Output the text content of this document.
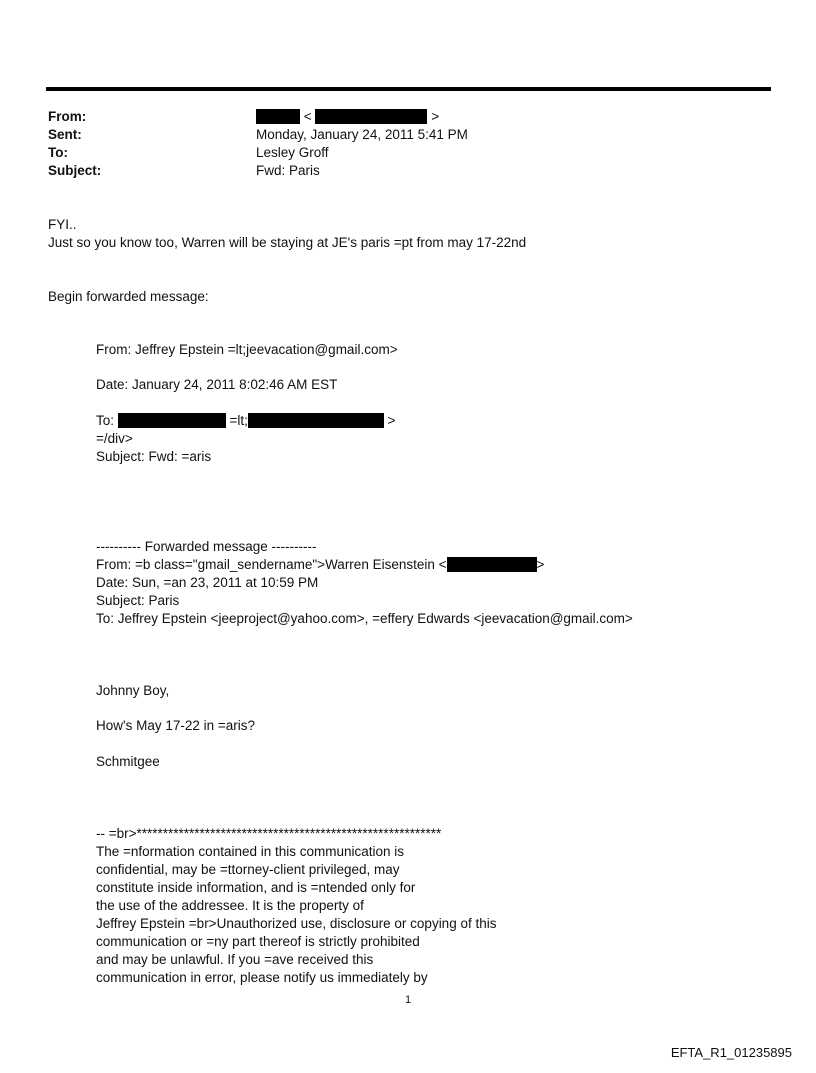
From:	<	>
Sent:	Monday, January 24, 2011 5:41 PM
To:	Lesley Groff
Subject:	Fwd: Paris
FYI..
Just so you know too, Warren will be staying at JE's paris =pt from may 17-22nd
Begin forwarded message:
From: Jeffrey Epstein =lt;jeevacation@gmail.com>
Date: January 24, 2011 8:02:46 AM EST
To:	=lt;	>
=/div>
Subject: Fwd: =aris
---------- Forwarded message ----------
From: =b class="gmail_sendername">Warren Eisenstein <	>
Date: Sun, =an 23, 2011 at 10:59 PM
Subject: Paris
To: Jeffrey Epstein <jeeproject@yahoo.com>, =effery Edwards <jeevacation@gmail.com>
Johnny Boy,
How's May 17-22 in =aris?
Schmitgee
-- =br>**********************************************************
The =nformation contained in this communication is
confidential, may be =ttorney-client privileged, may
constitute inside information, and is =ntended only for
the use of the addressee. It is the property of
Jeffrey Epstein =br>Unauthorized use, disclosure or copying of this
communication or =ny part thereof is strictly prohibited
and may be unlawful. If you =ave received this
communication in error, please notify us immediately by
1
EFTA_R1_01235895
